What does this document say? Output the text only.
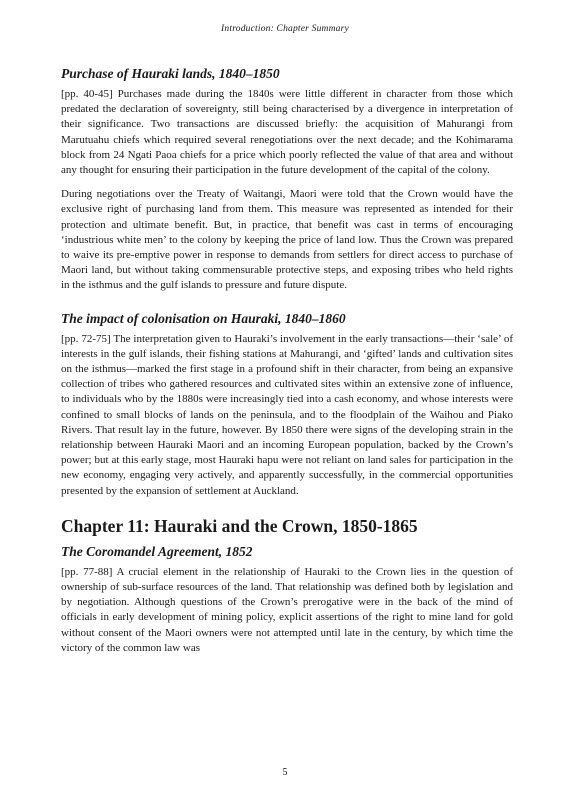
Introduction: Chapter Summary
Purchase of Hauraki lands, 1840–1850

[pp. 40-45] Purchases made during the 1840s were little different in character from those which predated the declaration of sovereignty, still being characterised by a divergence in interpretation of their significance. Two transactions are discussed briefly: the acquisition of Mahurangi from Marutuahu chiefs which required several renegotiations over the next decade; and the Kohimarama block from 24 Ngati Paoa chiefs for a price which poorly reflected the value of that area and without any thought for ensuring their participation in the future development of the capital of the colony.

During negotiations over the Treaty of Waitangi, Maori were told that the Crown would have the exclusive right of purchasing land from them. This measure was represented as intended for their protection and ultimate benefit. But, in practice, that benefit was cast in terms of encouraging ‘industrious white men’ to the colony by keeping the price of land low. Thus the Crown was prepared to waive its pre-emptive power in response to demands from settlers for direct access to purchase of Maori land, but without taking commensurable protective steps, and exposing tribes who held rights in the isthmus and the gulf islands to pressure and future dispute.

The impact of colonisation on Hauraki, 1840–1860

[pp. 72-75] The interpretation given to Hauraki’s involvement in the early transactions—their ‘sale’ of interests in the gulf islands, their fishing stations at Mahurangi, and ‘gifted’ lands and cultivation sites on the isthmus—marked the first stage in a profound shift in their character, from being an expansive collection of tribes who gathered resources and cultivated sites within an extensive zone of influence, to individuals who by the 1880s were increasingly tied into a cash economy, and whose interests were confined to small blocks of lands on the peninsula, and to the floodplain of the Waihou and Piako Rivers. That result lay in the future, however. By 1850 there were signs of the developing strain in the relationship between Hauraki Maori and an incoming European population, backed by the Crown’s power; but at this early stage, most Hauraki hapu were not reliant on land sales for participation in the new economy, engaging very actively, and apparently successfully, in the commercial opportunities presented by the expansion of settlement at Auckland.

Chapter 11: Hauraki and the Crown, 1850-1865
The Coromandel Agreement, 1852

[pp. 77-88] A crucial element in the relationship of Hauraki to the Crown lies in the question of ownership of sub-surface resources of the land. That relationship was defined both by legislation and by negotiation. Although questions of the Crown’s prerogative were in the back of the mind of officials in early development of mining policy, explicit assertions of the right to mine land for gold without consent of the Maori owners were not attempted until late in the century, by which time the victory of the common law was

5
